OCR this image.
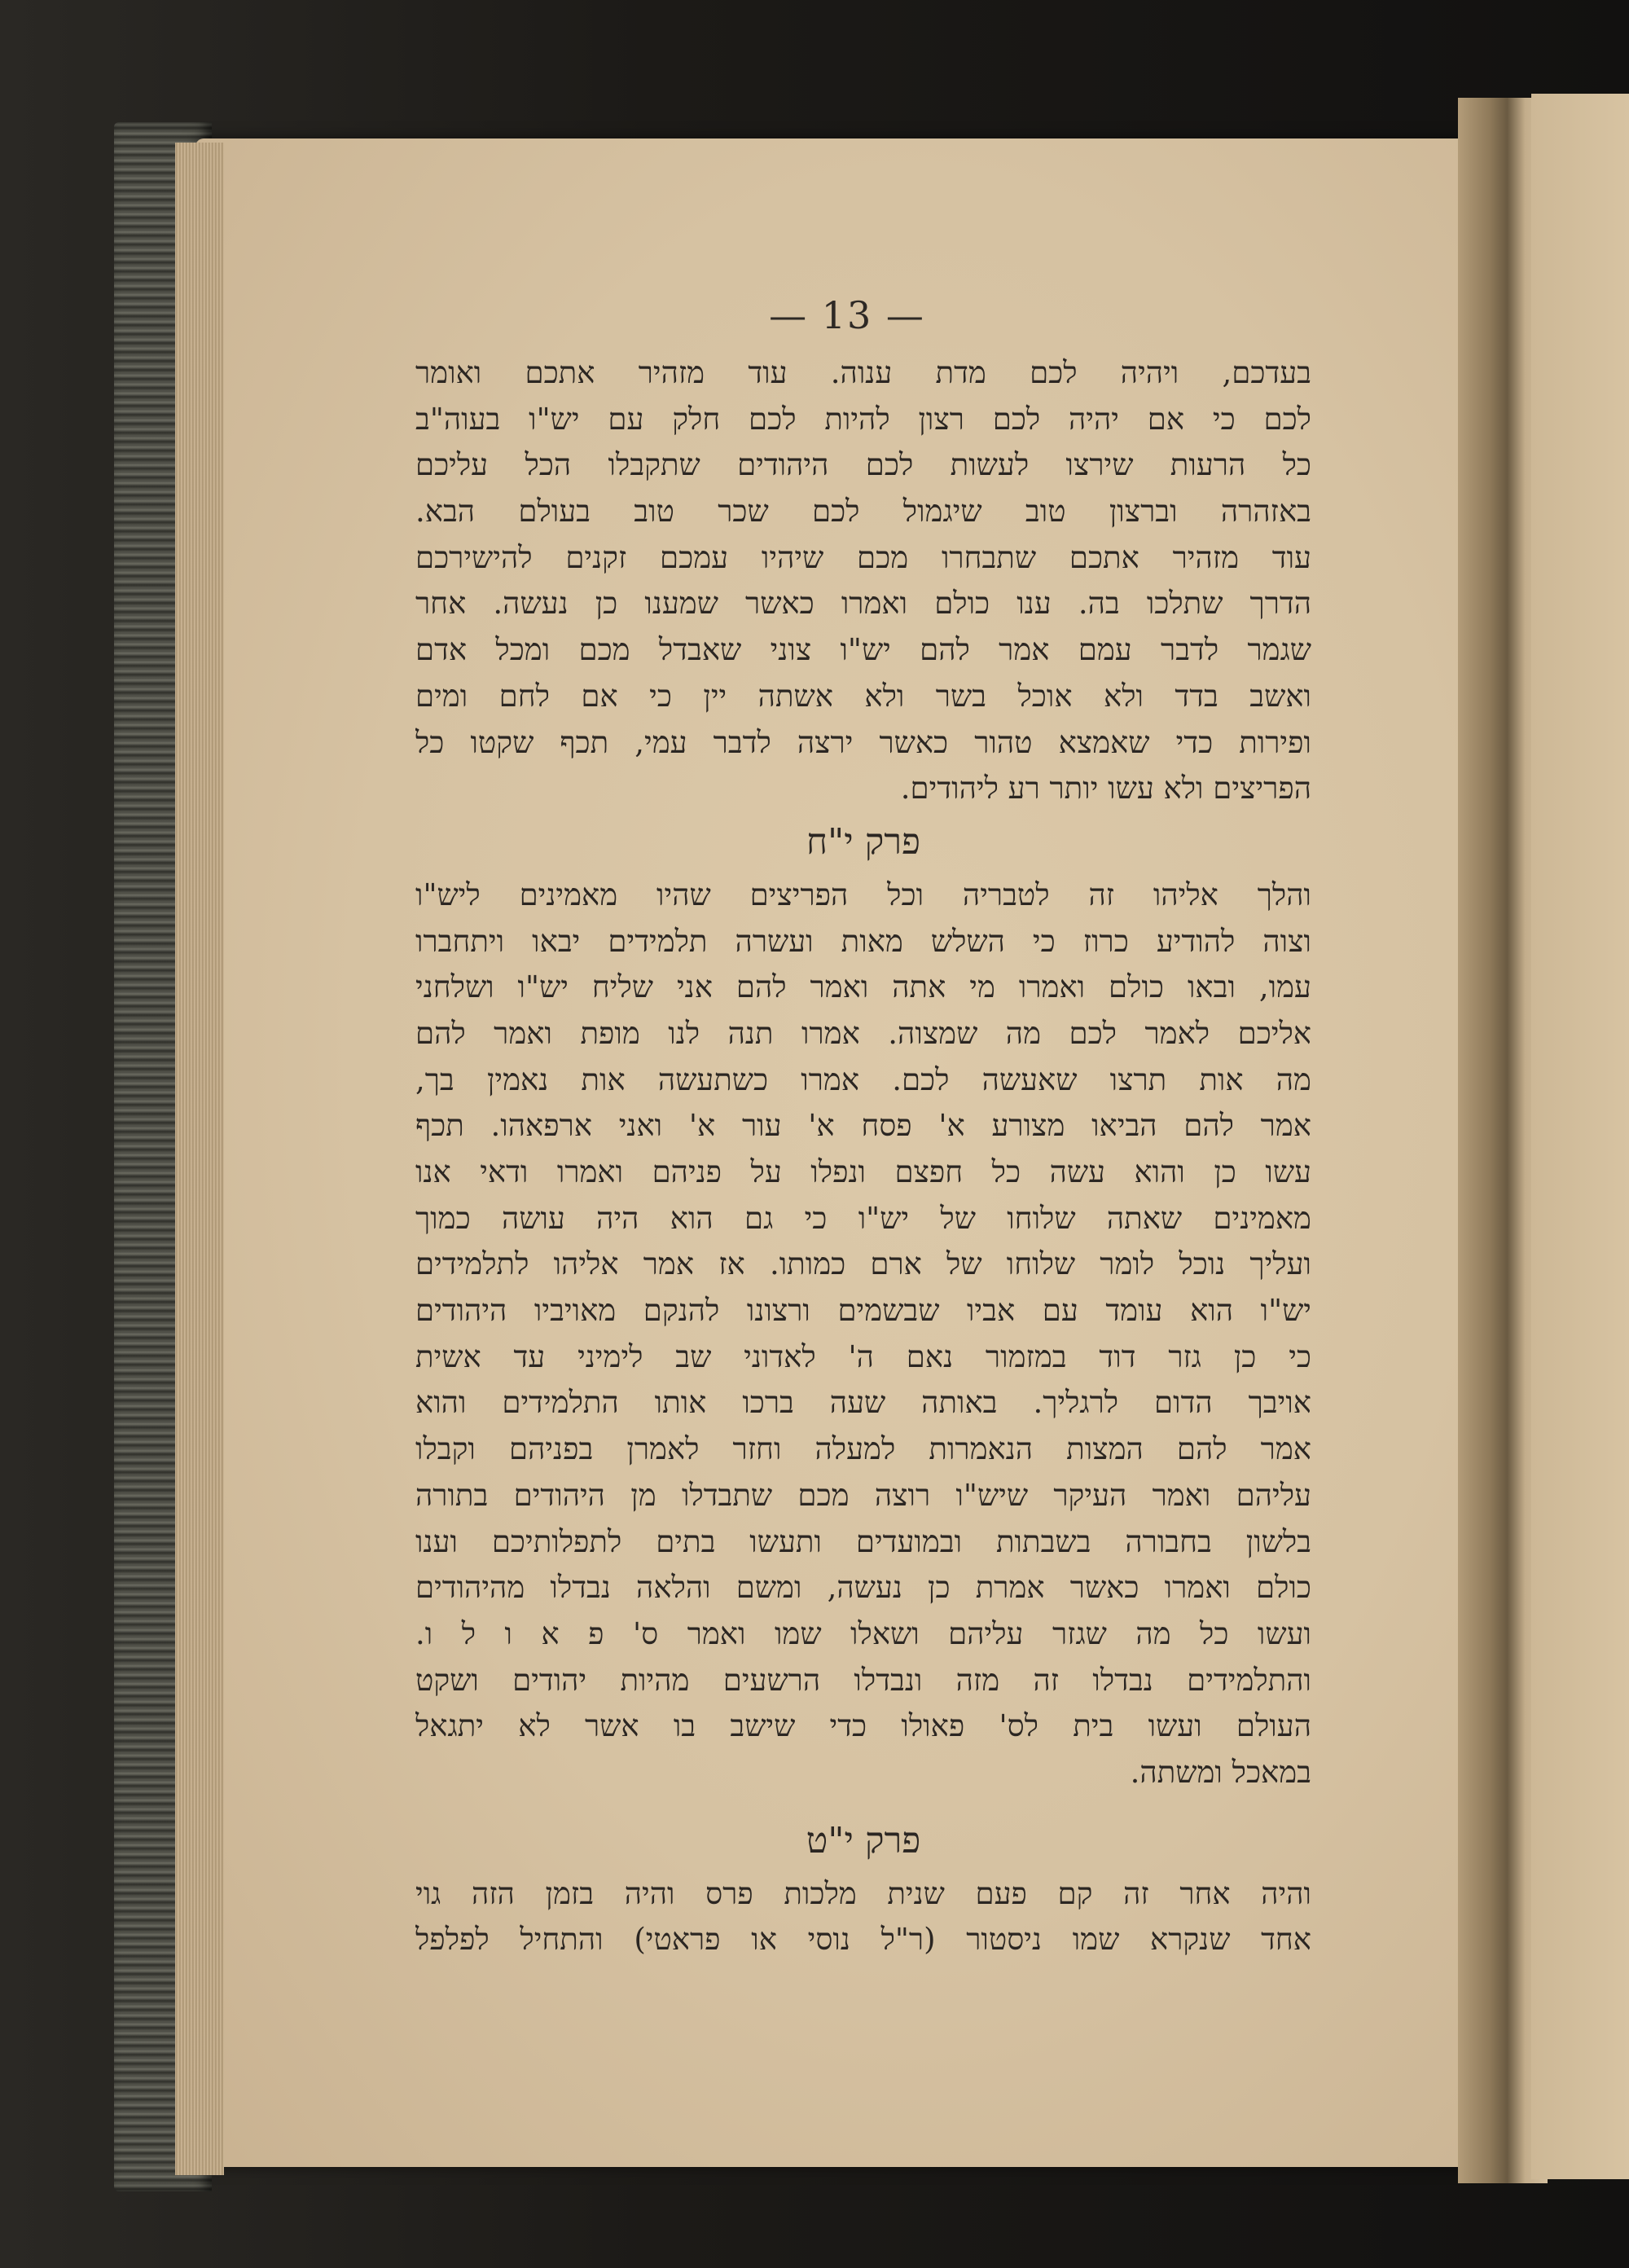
— 13 —
בעדכם, ויהיה לכם מדת ענוה. עוד מזהיר אתכם ואומר
לכם כי אם יהיה לכם רצון להיות לכם חלק עם יש"ו בעוה"ב
כל הרעות שירצו לעשות לכם היהודים שתקבלו הכל עליכם
באזהרה וברצון טוב שיגמול לכם שכר טוב בעולם הבא.
עוד מזהיר אתכם שתבחרו מכם שיהיו עמכם זקנים להישירכם
הדרך שתלכו בה. ענו כולם ואמרו כאשר שמענו כן נעשה. אחר
שגמר לדבר עמם אמר להם יש"ו צוני שאבדל מכם ומכל אדם
ואשב בדד ולא אוכל בשר ולא אשתה יין כי אם לחם ומים
ופירות כדי שאמצא טהור כאשר ירצה לדבר עמי, תכף שקטו כל
הפריצים ולא עשו יותר רע ליהודים.
פרק י"ח
והלך אליהו זה לטבריה וכל הפריצים שהיו מאמינים ליש"ו
וצוה להודיע כרוז כי השלש מאות ועשרה תלמידים יבאו ויתחברו
עמו, ובאו כולם ואמרו מי אתה ואמר להם אני שליח יש"ו ושלחני
אליכם לאמר לכם מה שמצוה. אמרו תנה לנו מופת ואמר להם
מה אות תרצו שאעשה לכם. אמרו כשתעשה אות נאמין בך,
אמר להם הביאו מצורע א' פסח א' עור א' ואני ארפאהו. תכף
עשו כן והוא עשה כל חפצם ונפלו על פניהם ואמרו ודאי אנו
מאמינים שאתה שלוחו של יש"ו כי גם הוא היה עושה כמוך
ועליך נוכל לומר שלוחו של ארם כמותו. אז אמר אליהו לתלמידים
יש"ו הוא עומד עם אביו שבשמים ורצונו להנקם מאויביו היהודים
כי כן גזר דוד במזמור נאם ה' לאדוני שב לימיני עד אשית
אויבך הדום לרגליך. באותה שעה ברכו אותו התלמידים והוא
אמר להם המצות הנאמרות למעלה וחזר לאמרן בפניהם וקבלו
עליהם ואמר העיקר שיש"ו רוצה מכם שתבדלו מן היהודים בתורה
בלשון בחבורה בשבתות ובמועדים ותעשו בתים לתפלותיכם וענו
כולם ואמרו כאשר אמרת כן נעשה, ומשם והלאה נבדלו מהיהודים
ועשו כל מה שגזר עליהם ושאלו שמו ואמר ס' פ א ו ל ו.
והתלמידים נבדלו זה מזה ונבדלו הרשעים מהיות יהודים ושקט
העולם ועשו בית לס' פאולו כדי שישב בו אשר לא יתגאל
במאכל ומשתה.
פרק י"ט
והיה אחר זה קם פעם שנית מלכות פרס והיה בזמן הזה גוי
אחד שנקרא שמו ניסטור (ר"ל נוסי או פראטי) והתחיל לפלפל
